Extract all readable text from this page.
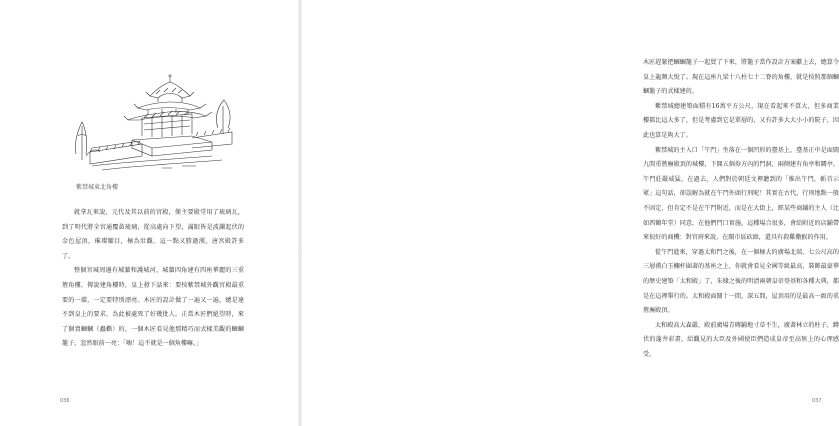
紫禁城東北角樓

就拿瓦來說，元代及其以前的宮殿，僅主要殿堂用了琉璃瓦，到了明代將全宮通覆黃琉璃，從高處向下望，滿眼皆是波瀾起伏的金色屋頂，璀璨耀目，極為壯觀。這一點又勝過漢、唐宮殿許多了。

整個宮城周邊有城牆和護城河，城牆四角建有四座華麗的三重簷角樓，傳說建角樓時，皇上發下話來：要按紫禁城外觀宮殿最重要的一環，一定要特別漂亮。木匠的設計做了一遍又一遍，總是達不到皇上的要求，為此被處死了好幾批人。正當木匠們絕望時，來了個賣蟈蟈（蟲蟖）的，一個木匠看見他那精巧而式樣美觀的蟈蟈籠子，忽然眼前一亮：「嗨！這不就是一個角樓嘛。」

036

木匠趕緊把蟈蟈籠子一起買了下來，將籠子當作設計方案獻上去，總算令皇上龍顏大悅了。現在這座九梁十八柱七十二脊的角樓，就是按照那個蟈蟈籠子的式樣建的。

紫禁城總建築面積有16萬平方公尺，現在看起來不算大，但多商業樓都比這大多了，但是考慮到它是單層的，又有許多大大小小的院子，因此也算是夠大了。

紫禁城的主入口「午門」坐落在一個凹形的臺基上，臺基正中是面闊九間重簷廡殿頂的城樓，下開五個券方內的門洞，兩側建有角亭和闕亭，午門莊嚴威猛，在過去，人們對於朝廷文裡聽到的「推出午門，斬首示眾」這句話，卻誤解為就在午門外頭行刑呢！其實在古代，行刑地點一般不固定，但肯定不是在午門附近，而是在大街上，經某些商鋪的主人（比如西鶴年堂）同意，在他們門口實施。這種場合很多，會給附近的店鋪帶來很好的商機：對官府來說，在闊市區砍頭，還具有殺雞儆猴的作用。

從午門進來，穿過太和門之後，在一個極大的廣場北端，七公尺高的三層漢白玉欄杆圍著的基座之上，你就會看見全國等級最高，裝飾最豪華的歷史建築「太和殿」了，朱棣之後的明清兩朝皇帝登基和各種大典，都是在這裡舉行的。太和殿面闊十一間，深五間，屋頂用的是最高一級的重簷廡殿頂。

太和殿高大森嚴，殿前廣場青磚鋪地寸草不生，廣著林立的柱子，蹲伏的蓬井彩畫，給觀見的大臣及外國使臣們造成皇帝至高無上的心理感受。

037
